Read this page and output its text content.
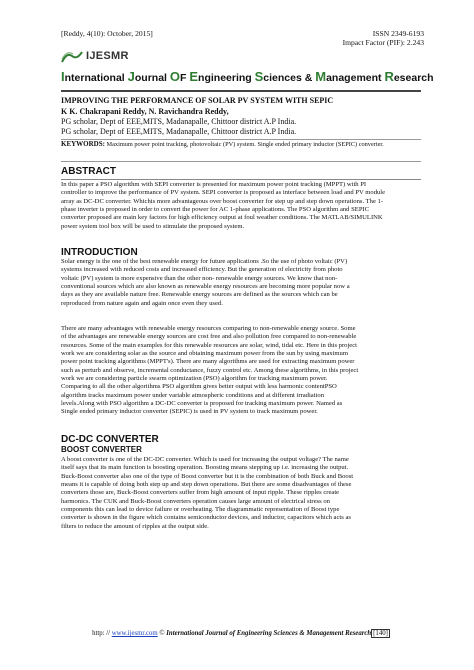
[Reddy, 4(10): October, 2015]	ISSN 2349-6193
Impact Factor (PIF): 2.243
IJESMR
International Journal OF Engineering Sciences & Management Research
IMPROVING THE PERFORMANCE OF SOLAR PV SYSTEM WITH SEPIC
K K. Chakrapani Reddy, N. Ravichandra Reddy,
PG scholar, Dept of EEE,MITS, Madanapalle, Chittoor district A.P India.
PG scholar, Dept of EEE,MITS, Madanapalle, Chittoor district A.P India.
KEYWORDS: Maximum power point tracking, photovoltaic (PV) system. Single ended primary inductor (SEPIC) converter.
ABSTRACT
In this paper a PSO algorithm with SEPI converter is presented for maximum power point tracking (MPPT) with PI
controller to improve the performance of PV system. SEPI converter is proposed as interface between load and PV module
array as DC-DC converter. Whichis more advantageous over boost converter for step up and step down operations. The 1-
phase inverter is proposed in order to convert the power for AC 1-phase applications. The PSO algorithm and SEPIC
converter proposed are main key factors for high efficiency output at foul weather conditions. The MATLAB/SIMULINK
power system tool box will be used to stimulate the proposed system.
INTRODUCTION
Solar energy is the one of the best renewable energy for future applications .So the use of photo voltaic (PV)
systems increased with reduced costs and increased efficiency. But the generation of electricity from photo
voltaic (PV) system is more expensive than the other non- renewable energy sources. We know that non-
conventional sources which are also known as renewable energy resources are becoming more popular now a
days as they are available nature free. Renewable energy sources are defined as the sources which can be
reproduced from nature again and again once even they used.
There are many advantages with renewable energy resources comparing to non-renewable energy source. Some
of the advantages are renewable energy sources are cost free and also pollution free compared to non-renewable
resources. Some of the main examples for this renewable resources are solar, wind, tidal etc. Here in this project
work we are considering solar as the source and obtaining maximum power from the sun by using maximum
power point tracking algorithms (MPPT's). There are many algorithms are used for extracting maximum power
such as perturb and observe, incremental conductance, fuzzy control etc. Among these algorithms, in this project
work we are considering particle swarm optimization (PSO) algorithm for tracking maximum power.
Comparing to all the other algorithms PSO algorithm gives better output with less harmonic contentPSO
algorithm tracks maximum power under variable atmospheric conditions and at different irradiation
levels.Along with PSO algorithm a DC-DC converter is proposed for tracking maximum power. Named as
Single ended primary inductor converter (SEPIC) is used in PV system to track maximum power.
DC-DC CONVERTER
BOOST CONVERTER
A boost converter is one of the DC-DC converter. Which is used for increasing the output voltage? The name
itself says that its main function is boosting operation. Boosting means stepping up i.e. increasing the output.
Buck-Boost converter also one of the type of Boost converter but it is the combination of both Buck and Boost
means it is capable of doing both step up and step down operations. But there are some disadvantages of these
converters those are, Buck-Boost converters suffer from high amount of input ripple. These ripples create
harmonics. The CUK and Buck-Boost converters operation causes large amount of electrical stress on
components this can lead to device failure or overheating. The diagrammatic representation of Boost type
converter is shown in the figure which contains semiconductor devices, and inductor, capacitors which acts as
filters to reduce the amount of ripples at the output side.
http: // www.ijesmr.com © International Journal of Engineering Sciences & Management Research [140]
